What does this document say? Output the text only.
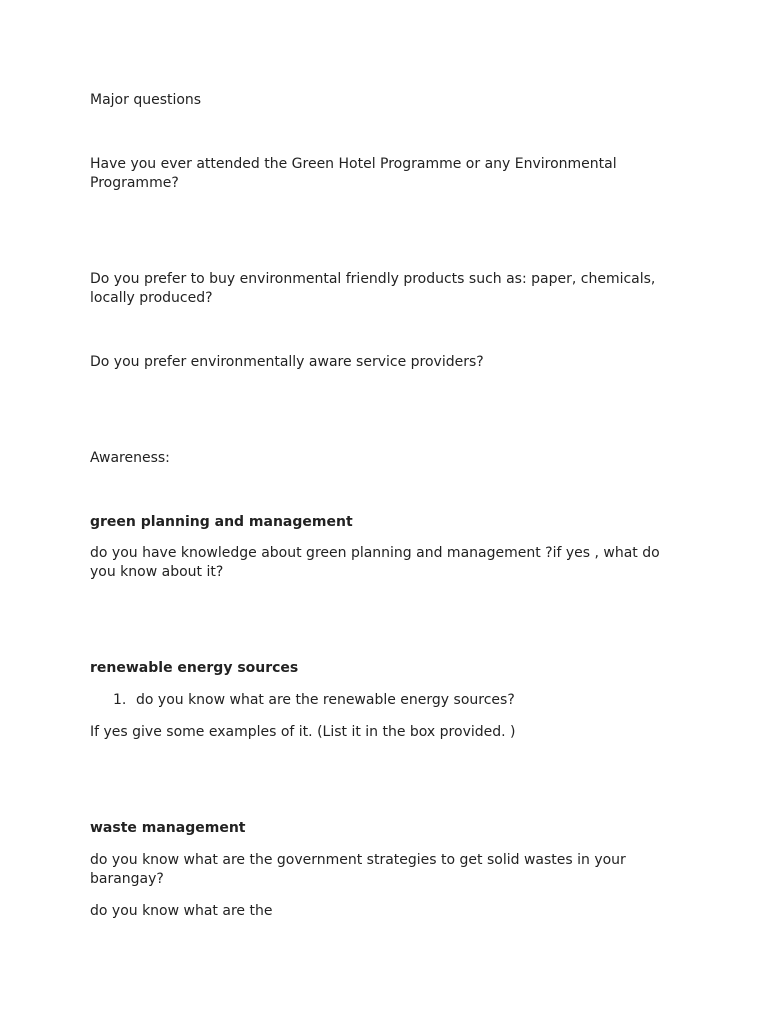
Major questions

Have you ever attended the Green Hotel Programme or any Environmental Programme?

Do you prefer to buy environmental friendly products such as: paper, chemicals, locally produced?

Do you prefer environmentally aware service providers?

Awareness:

green planning and management

do you have knowledge about green planning and management ?if yes , what do you know about it?

renewable energy sources

1. do you know what are the renewable energy sources?

If yes give some examples of it. (List it in the box provided. )

waste management

do you know what are the government strategies to get solid wastes in your barangay?

do you know what are the
